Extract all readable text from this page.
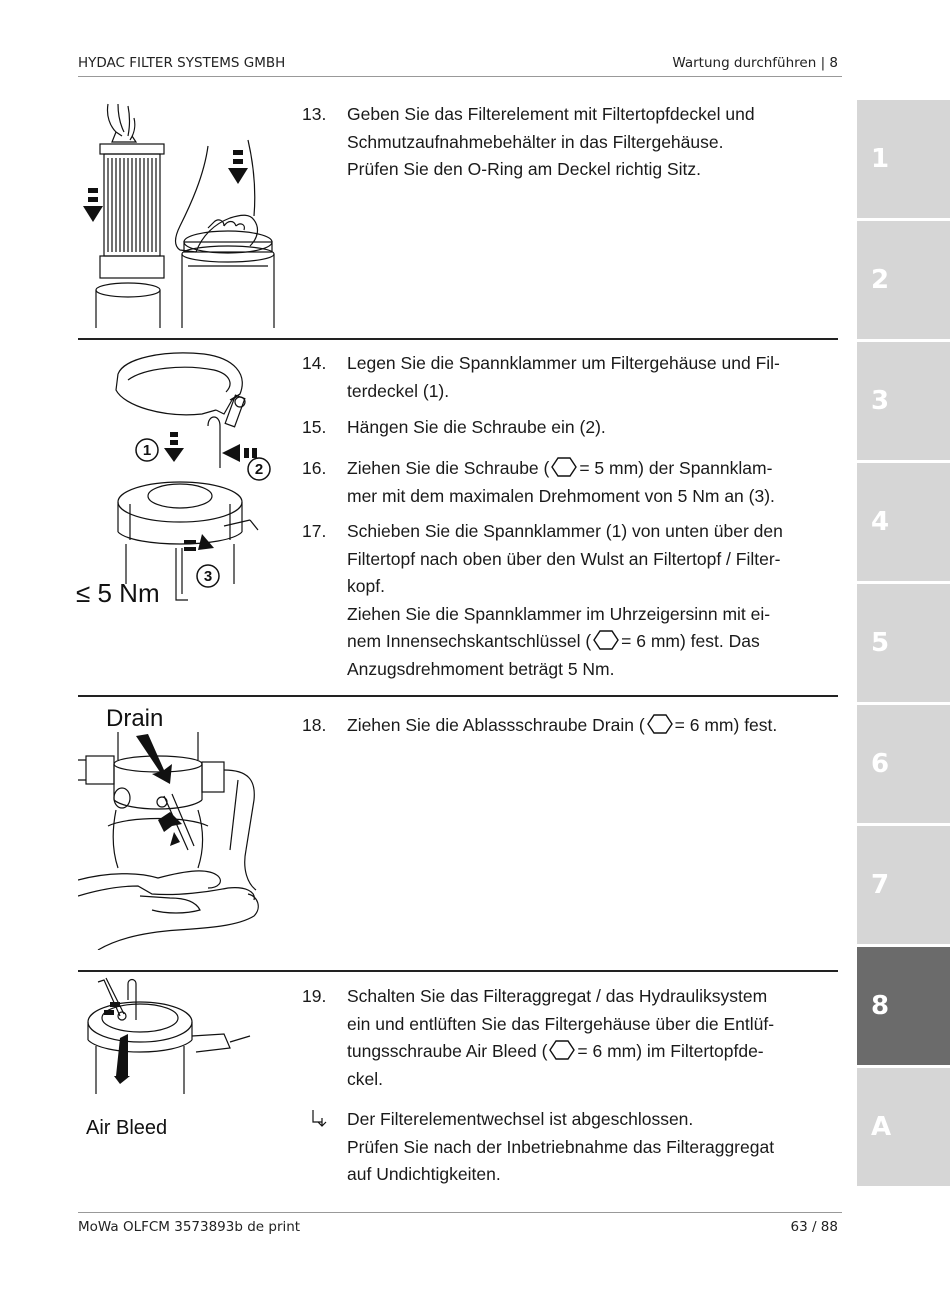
HYDAC FILTER SYSTEMS GMBH	Wartung durchführen | 8
13.	Geben Sie das Filterelement mit Filtertopfdeckel und
Schmutzaufnahmebehälter in das Filtergehäuse.
Prüfen Sie den O-Ring am Deckel richtig Sitz.
1
2
3
≤ 5 Nm
14.	Legen Sie die Spannklammer um Filtergehäuse und Fil-
terdeckel (1).
15.	Hängen Sie die Schraube ein (2).
16.	Ziehen Sie die Schraube ( = 5 mm) der Spannklam-
mer mit dem maximalen Drehmoment von 5 Nm an (3).
17.	Schieben Sie die Spannklammer (1) von unten über den
Filtertopf nach oben über den Wulst an Filtertopf / Filter-
kopf.
Ziehen Sie die Spannklammer im Uhrzeigersinn mit ei-
nem Innensechskantschlüssel ( = 6 mm) fest. Das
Anzugsdrehmoment beträgt 5 Nm.
Drain	18.	Ziehen Sie die Ablassschraube Drain ( = 6 mm) fest.
Air Bleed
19.	Schalten Sie das Filteraggregat / das Hydrauliksystem
ein und entlüften Sie das Filtergehäuse über die Entlüf-
tungsschraube Air Bleed ( = 6 mm) im Filtertopfde-
ckel.
Der Filterelementwechsel ist abgeschlossen.
Prüfen Sie nach der Inbetriebnahme das Filteraggregat
auf Undichtigkeiten.
1
2
3
4
5
6
7
8
A
MoWa OLFCM 3573893b de print	63 / 88
